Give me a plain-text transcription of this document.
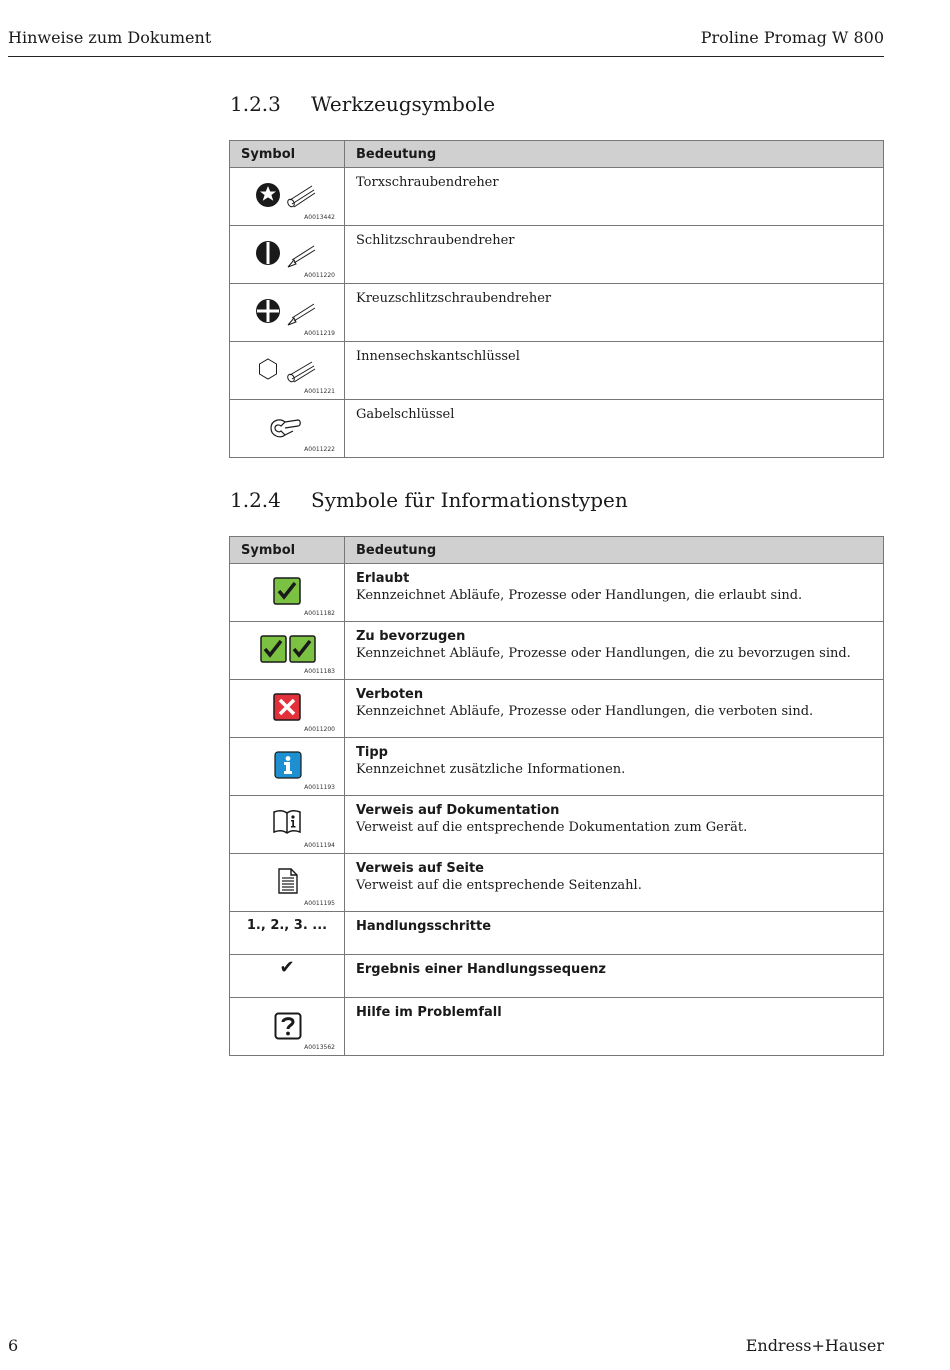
Hinweise zum Dokument	Proline Promag W 800
1.2.3 Werkzeugsymbole
Symbol	Bedeutung

A0013442	Torxschraubendreher

A0011220	Schlitzschraubendreher

A0011219	Kreuzschlitzschraubendreher

A0011221	Innensechskantschlüssel

A0011222	Gabelschlüssel
1.2.4 Symbole für Informationstypen
Symbol	Bedeutung

A0011182	Erlaubt
Kennzeichnet Abläufe, Prozesse oder Handlungen, die erlaubt sind.

A0011183	Zu bevorzugen
Kennzeichnet Abläufe, Prozesse oder Handlungen, die zu bevorzugen sind.

A0011200	Verboten
Kennzeichnet Abläufe, Prozesse oder Handlungen, die verboten sind.

A0011193	Tipp
Kennzeichnet zusätzliche Informationen.

A0011194	Verweis auf Dokumentation
Verweist auf die entsprechende Dokumentation zum Gerät.

A0011195	Verweis auf Seite
Verweist auf die entsprechende Seitenzahl.

1., 2., 3. ...	Handlungsschritte

✔	Ergebnis einer Handlungssequenz

A0013562	Hilfe im Problemfall
6	Endress+Hauser
